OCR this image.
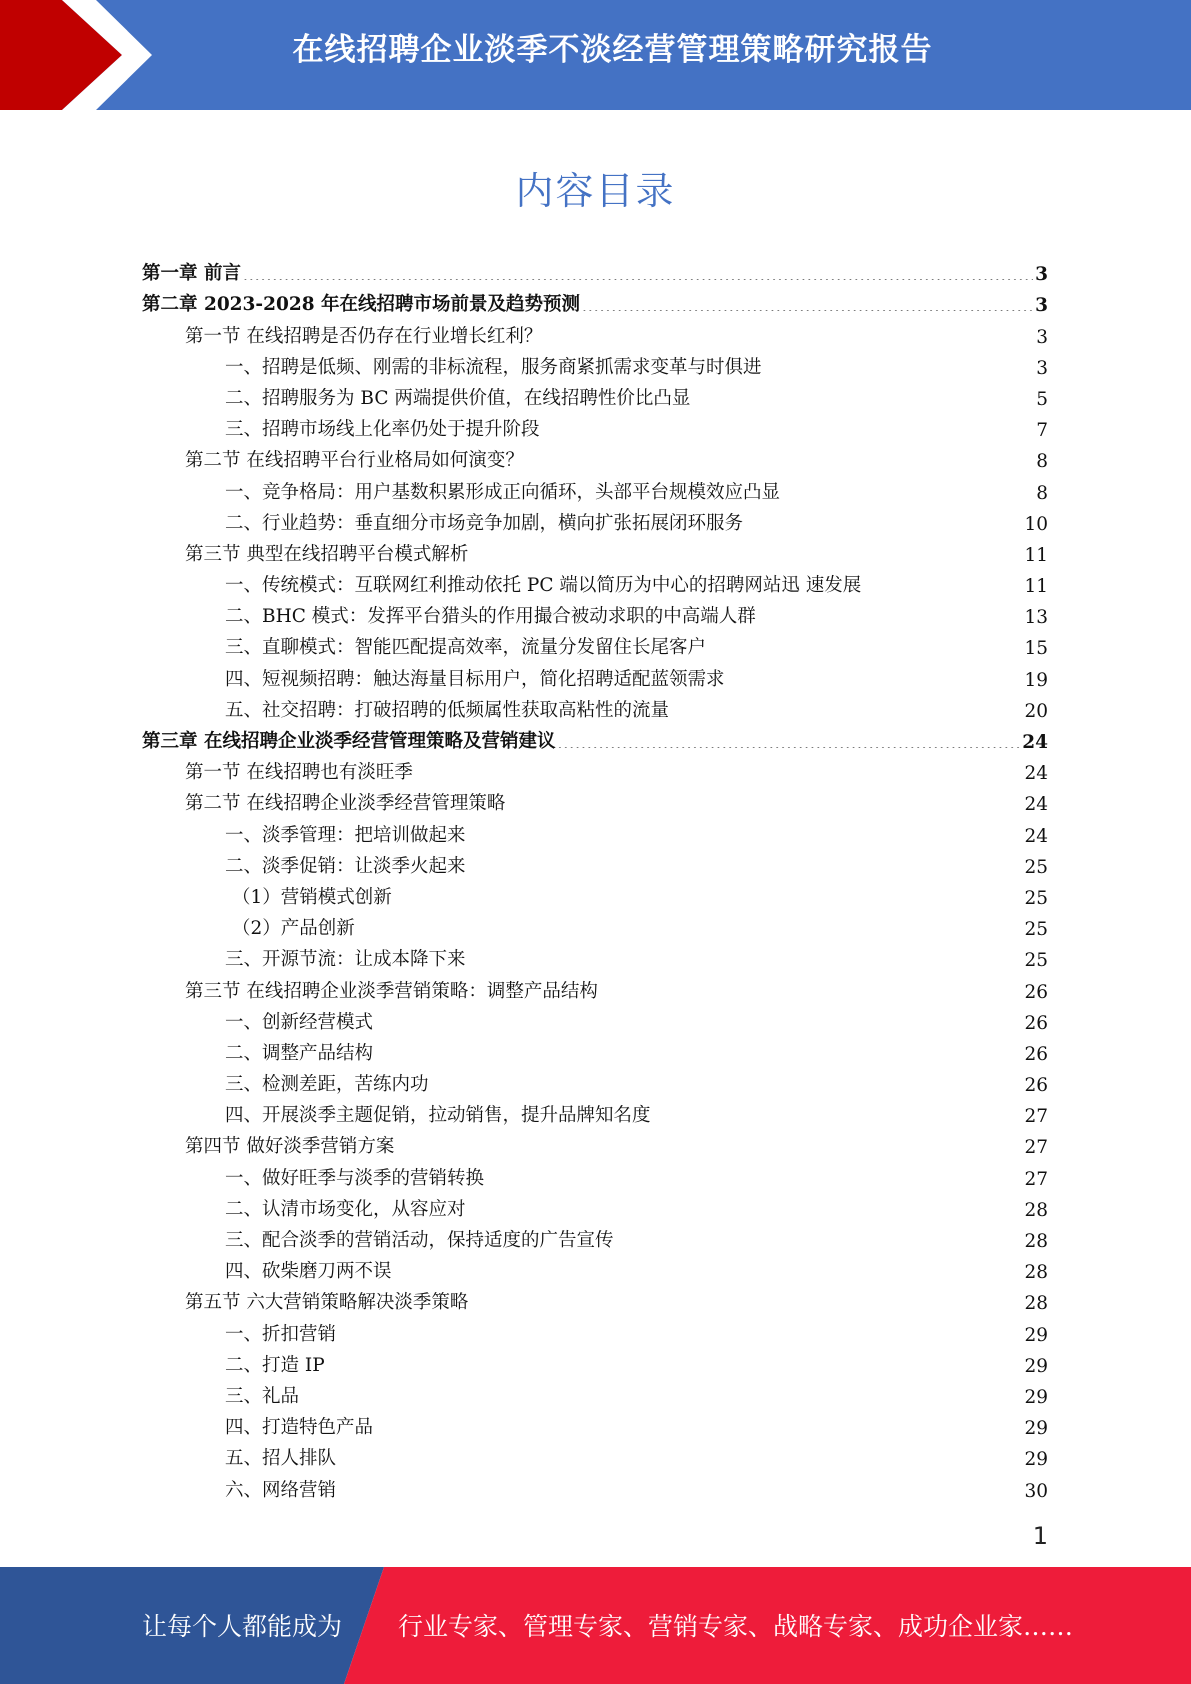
在线招聘企业淡季不淡经营管理策略研究报告
内容目录
第一章 前言 .....	3
第二章 2023-2028 年在线招聘市场前景及趋势预测 .....	3
第一节 在线招聘是否仍存在行业增长红利？ .....	3
一、招聘是低频、刚需的非标流程，服务商紧抓需求变革与时俱进 .....	3
二、招聘服务为 BC 两端提供价值，在线招聘性价比凸显 .....	5
三、招聘市场线上化率仍处于提升阶段 .....	7
第二节 在线招聘平台行业格局如何演变？ .....	8
一、竞争格局：用户基数积累形成正向循环，头部平台规模效应凸显 .....	8
二、行业趋势：垂直细分市场竞争加剧，横向扩张拓展闭环服务 .....	10
第三节 典型在线招聘平台模式解析 .....	11
一、传统模式：互联网红利推动依托 PC 端以简历为中心的招聘网站迅 速发展 .....	11
二、BHC 模式：发挥平台猎头的作用撮合被动求职的中高端人群 .....	13
三、直聊模式：智能匹配提高效率，流量分发留住长尾客户 .....	15
四、短视频招聘：触达海量目标用户，简化招聘适配蓝领需求 .....	19
五、社交招聘：打破招聘的低频属性获取高粘性的流量 .....	20
第三章 在线招聘企业淡季经营管理策略及营销建议 .....	24
第一节 在线招聘也有淡旺季 .....	24
第二节 在线招聘企业淡季经营管理策略 .....	24
一、淡季管理：把培训做起来 .....	24
二、淡季促销：让淡季火起来 .....	25
（1）营销模式创新 .....	25
（2）产品创新 .....	25
三、开源节流：让成本降下来 .....	25
第三节 在线招聘企业淡季营销策略：调整产品结构 .....	26
一、创新经营模式 .....	26
二、调整产品结构 .....	26
三、检测差距，苦练内功 .....	26
四、开展淡季主题促销，拉动销售，提升品牌知名度 .....	27
第四节 做好淡季营销方案 .....	27
一、做好旺季与淡季的营销转换 .....	27
二、认清市场变化，从容应对 .....	28
三、配合淡季的营销活动，保持适度的广告宣传 .....	28
四、砍柴磨刀两不误 .....	28
第五节 六大营销策略解决淡季策略 .....	28
一、折扣营销 .....	29
二、打造 IP .....	29
三、礼品 .....	29
四、打造特色产品 .....	29
五、招人排队 .....	29
六、网络营销 .....	30
1
让每个人都能成为 行业专家、管理专家、营销专家、战略专家、成功企业家……
